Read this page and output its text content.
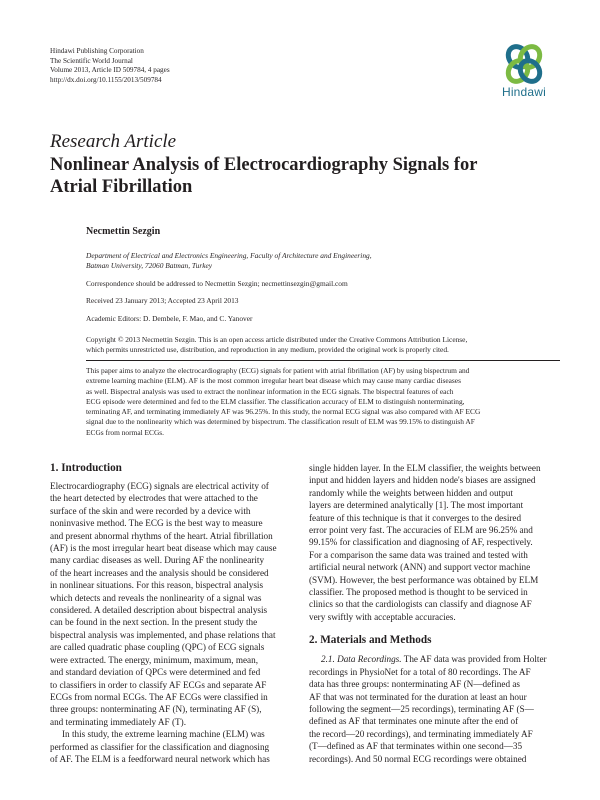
Hindawi Publishing Corporation
The Scientific World Journal
Volume 2013, Article ID 509784, 4 pages
http://dx.doi.org/10.1155/2013/509784
Hindawi
Research Article
Nonlinear Analysis of Electrocardiography Signals for
Atrial Fibrillation
Necmettin Sezgin
Department of Electrical and Electronics Engineering, Faculty of Architecture and Engineering,
Batman University, 72060 Batman, Turkey
Correspondence should be addressed to Necmettin Sezgin; necmettinsezgin@gmail.com
Received 23 January 2013; Accepted 23 April 2013
Academic Editors: D. Dembele, F. Mao, and C. Yanover
Copyright © 2013 Necmettin Sezgin. This is an open access article distributed under the Creative Commons Attribution License,
which permits unrestricted use, distribution, and reproduction in any medium, provided the original work is properly cited.
This paper aims to analyze the electrocardiography (ECG) signals for patient with atrial fibrillation (AF) by using bispectrum and
extreme learning machine (ELM). AF is the most common irregular heart beat disease which may cause many cardiac diseases
as well. Bispectral analysis was used to extract the nonlinear information in the ECG signals. The bispectral features of each
ECG episode were determined and fed to the ELM classifier. The classification accuracy of ELM to distinguish nonterminating,
terminating AF, and terminating immediately AF was 96.25%. In this study, the normal ECG signal was also compared with AF ECG
signal due to the nonlinearity which was determined by bispectrum. The classification result of ELM was 99.15% to distinguish AF
ECGs from normal ECGs.
1. Introduction
Electrocardiography (ECG) signals are electrical activity of
the heart detected by electrodes that were attached to the
surface of the skin and were recorded by a device with
noninvasive method. The ECG is the best way to measure
and present abnormal rhythms of the heart. Atrial fibrillation
(AF) is the most irregular heart beat disease which may cause
many cardiac diseases as well. During AF the nonlinearity
of the heart increases and the analysis should be considered
in nonlinear situations. For this reason, bispectral analysis
which detects and reveals the nonlinearity of a signal was
considered. A detailed description about bispectral analysis
can be found in the next section. In the present study the
bispectral analysis was implemented, and phase relations that
are called quadratic phase coupling (QPC) of ECG signals
were extracted. The energy, minimum, maximum, mean,
and standard deviation of QPCs were determined and fed
to classifiers in order to classify AF ECGs and separate AF
ECGs from normal ECGs. The AF ECGs were classified in
three groups: nonterminating AF (N), terminating AF (S),
and terminating immediately AF (T).
In this study, the extreme learning machine (ELM) was
performed as classifier for the classification and diagnosing
of AF. The ELM is a feedforward neural network which has
single hidden layer. In the ELM classifier, the weights between
input and hidden layers and hidden node's biases are assigned
randomly while the weights between hidden and output
layers are determined analytically [1]. The most important
feature of this technique is that it converges to the desired
error point very fast. The accuracies of ELM are 96.25% and
99.15% for classification and diagnosing of AF, respectively.
For a comparison the same data was trained and tested with
artificial neural network (ANN) and support vector machine
(SVM). However, the best performance was obtained by ELM
classifier. The proposed method is thought to be serviced in
clinics so that the cardiologists can classify and diagnose AF
very swiftly with acceptable accuracies.
2. Materials and Methods
2.1. Data Recordings. The AF data was provided from Holter
recordings in PhysioNet for a total of 80 recordings. The AF
data has three groups: nonterminating AF (N—defined as
AF that was not terminated for the duration at least an hour
following the segment—25 recordings), terminating AF (S—
defined as AF that terminates one minute after the end of
the record—20 recordings), and terminating immediately AF
(T—defined as AF that terminates within one second—35
recordings). And 50 normal ECG recordings were obtained
